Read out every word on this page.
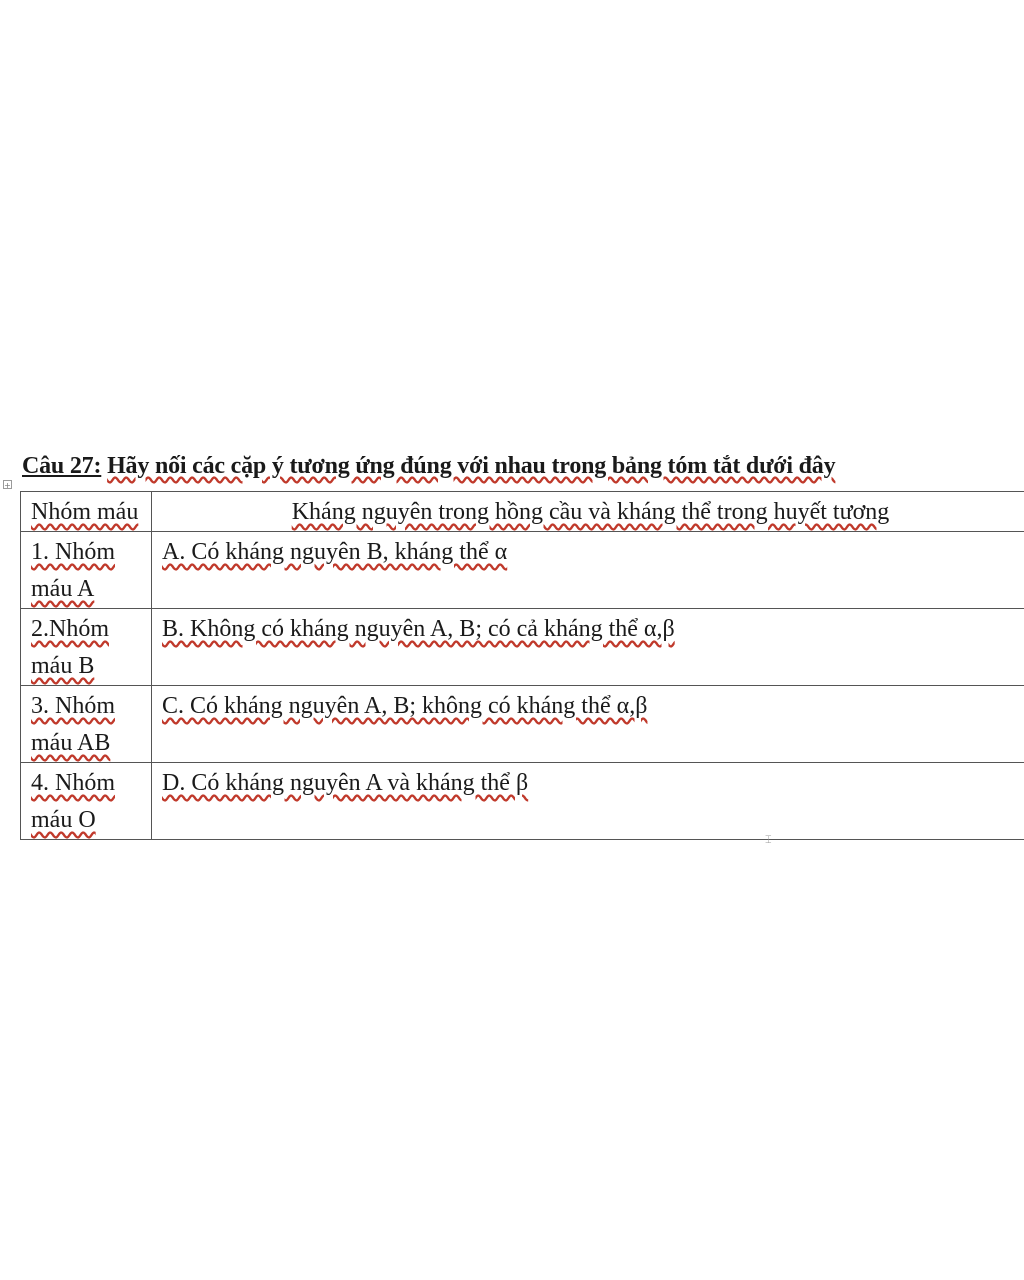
Câu 27: Hãy nối các cặp ý tương ứng đúng với nhau trong bảng tóm tắt dưới đây
+
Nhóm máu	Kháng nguyên trong hồng cầu và kháng thể trong huyết tương
1. Nhóm máu A	A. Có kháng nguyên B, kháng thể α
2.Nhóm máu B	B. Không có kháng nguyên A, B; có cả kháng thể α,β
3. Nhóm máu AB	C. Có kháng nguyên A, B; không có kháng thể α,β
4. Nhóm máu O	D. Có kháng nguyên A và kháng thể β
⌶
